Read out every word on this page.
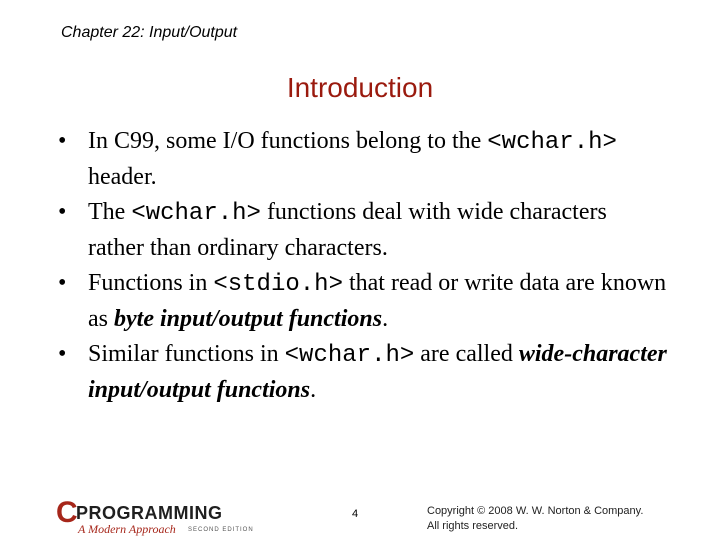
Chapter 22: Input/Output
Introduction
• In C99, some I/O functions belong to the <wchar.h> header.
• The <wchar.h> functions deal with wide characters rather than ordinary characters.
• Functions in <stdio.h> that read or write data are known as byte input/output functions.
• Similar functions in <wchar.h> are called wide-character input/output functions.
C
PROGRAMMING
A Modern Approach SECOND EDITION
4	Copyright © 2008 W. W. Norton & Company.
All rights reserved.
